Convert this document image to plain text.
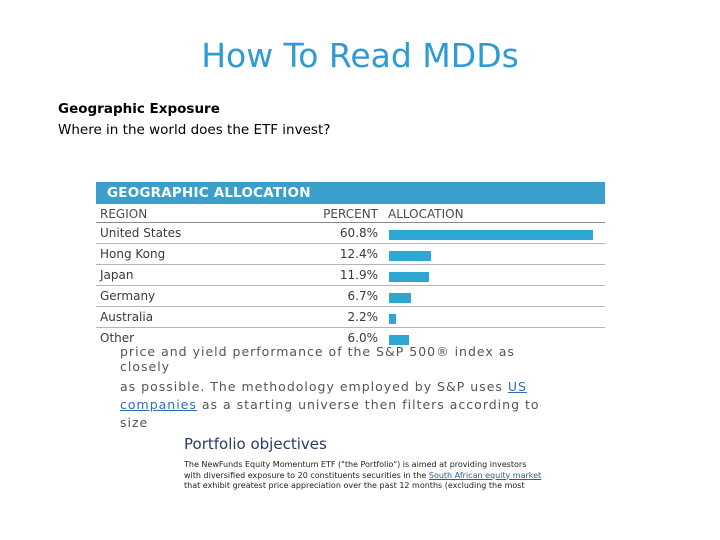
How To Read MDDs
Geographic Exposure
Where in the world does the ETF invest?
GEOGRAPHIC ALLOCATION
REGION	PERCENT ALLOCATION
United States	60.8%
Hong Kong	12.4%
Japan	11.9%
Germany	6.7%
Australia	2.2%
Other	6.0%
price and yield performance of the S&P 500® index as closely
as possible. The methodology employed by S&P uses US
companies as a starting universe then filters according to size
Portfolio objectives
The NewFunds Equity Momentum ETF ("the Portfolio") is aimed at providing investors
with diversified exposure to 20 constituents securities in the South African equity market
that exhibit greatest price appreciation over the past 12 months (excluding the most
